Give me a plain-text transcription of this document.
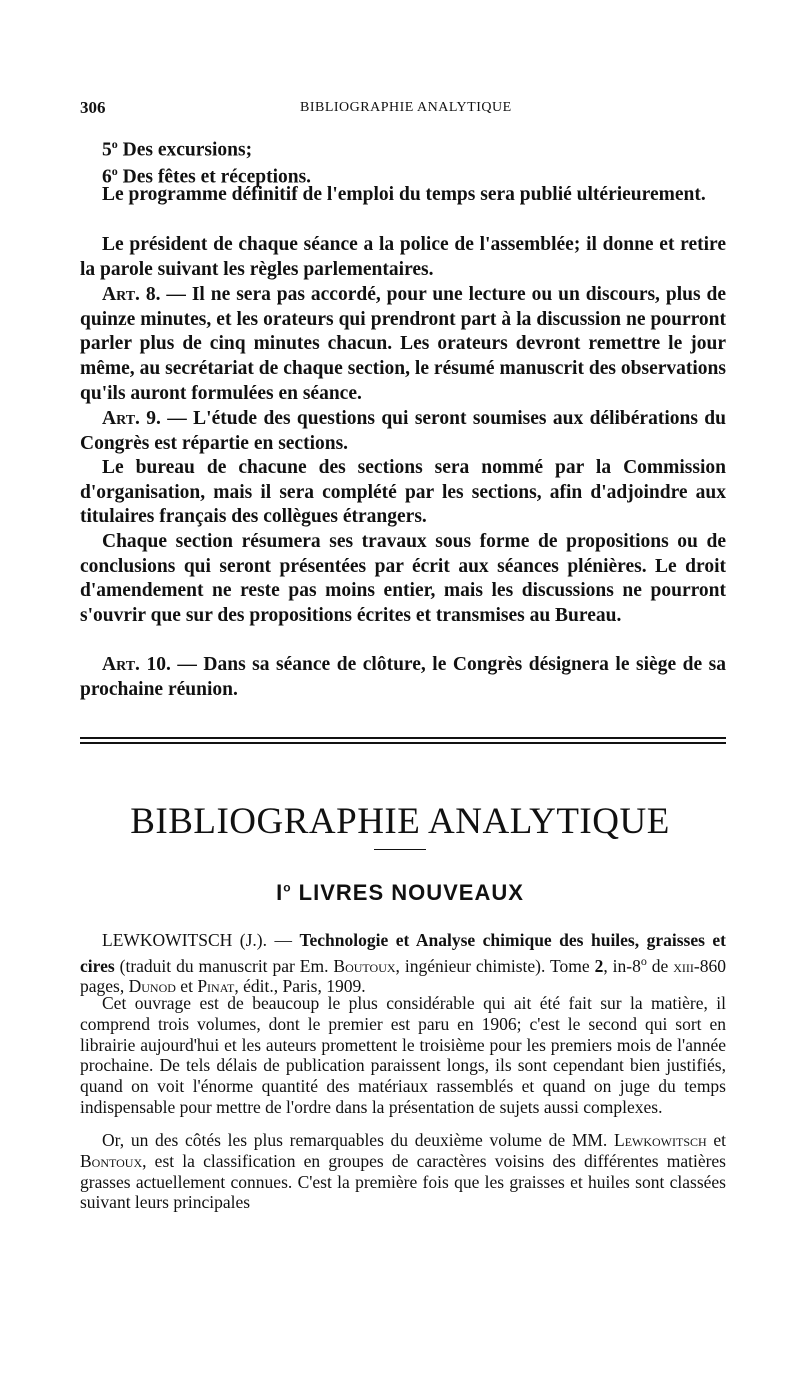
306	BIBLIOGRAPHIE ANALYTIQUE
5$^o$ Des excursions;
6$^o$ Des fêtes et réceptions.
Le programme définitif de l'emploi du temps sera publié ultérieurement.
Le président de chaque séance a la police de l'assemblée; il donne et retire la parole suivant les règles parlementaires.
Art. 8. — Il ne sera pas accordé, pour une lecture ou un discours, plus de quinze minutes, et les orateurs qui prendront part à la discussion ne pourront parler plus de cinq minutes chacun. Les orateurs devront remettre le jour même, au secrétariat de chaque section, le résumé manuscrit des observations qu'ils auront formulées en séance.
Art. 9. — L'étude des questions qui seront soumises aux délibérations du Congrès est répartie en sections.
Le bureau de chacune des sections sera nommé par la Commission d'organisation, mais il sera complété par les sections, afin d'adjoindre aux titulaires français des collègues étrangers.
Chaque section résumera ses travaux sous forme de propositions ou de conclusions qui seront présentées par écrit aux séances plénières. Le droit d'amendement ne reste pas moins entier, mais les discussions ne pourront s'ouvrir que sur des propositions écrites et transmises au Bureau.
Art. 10. — Dans sa séance de clôture, le Congrès désignera le siège de sa prochaine réunion.
BIBLIOGRAPHIE ANALYTIQUE
$I^o$ LIVRES NOUVEAUX
LEWKOWITSCH (J.). — Technologie et Analyse chimique des huiles, graisses et cires (traduit du manuscrit par Em. Boutoux, ingénieur chimiste). Tome 2, in-8$^o$ de xiii-860 pages, Dunod et Pinat, édit., Paris, 1909.
Cet ouvrage est de beaucoup le plus considérable qui ait été fait sur la matière, il comprend trois volumes, dont le premier est paru en 1906; c'est le second qui sort en librairie aujourd'hui et les auteurs promettent le troisième pour les premiers mois de l'année prochaine. De tels délais de publication paraissent longs, ils sont cependant bien justifiés, quand on voit l'énorme quantité des matériaux rassemblés et quand on juge du temps indispensable pour mettre de l'ordre dans la présentation de sujets aussi complexes.
Or, un des côtés les plus remarquables du deuxième volume de MM. Lewkowitsch et Bontoux, est la classification en groupes de caractères voisins des différentes matières grasses actuellement connues. C'est la première fois que les graisses et huiles sont classées suivant leurs principales
